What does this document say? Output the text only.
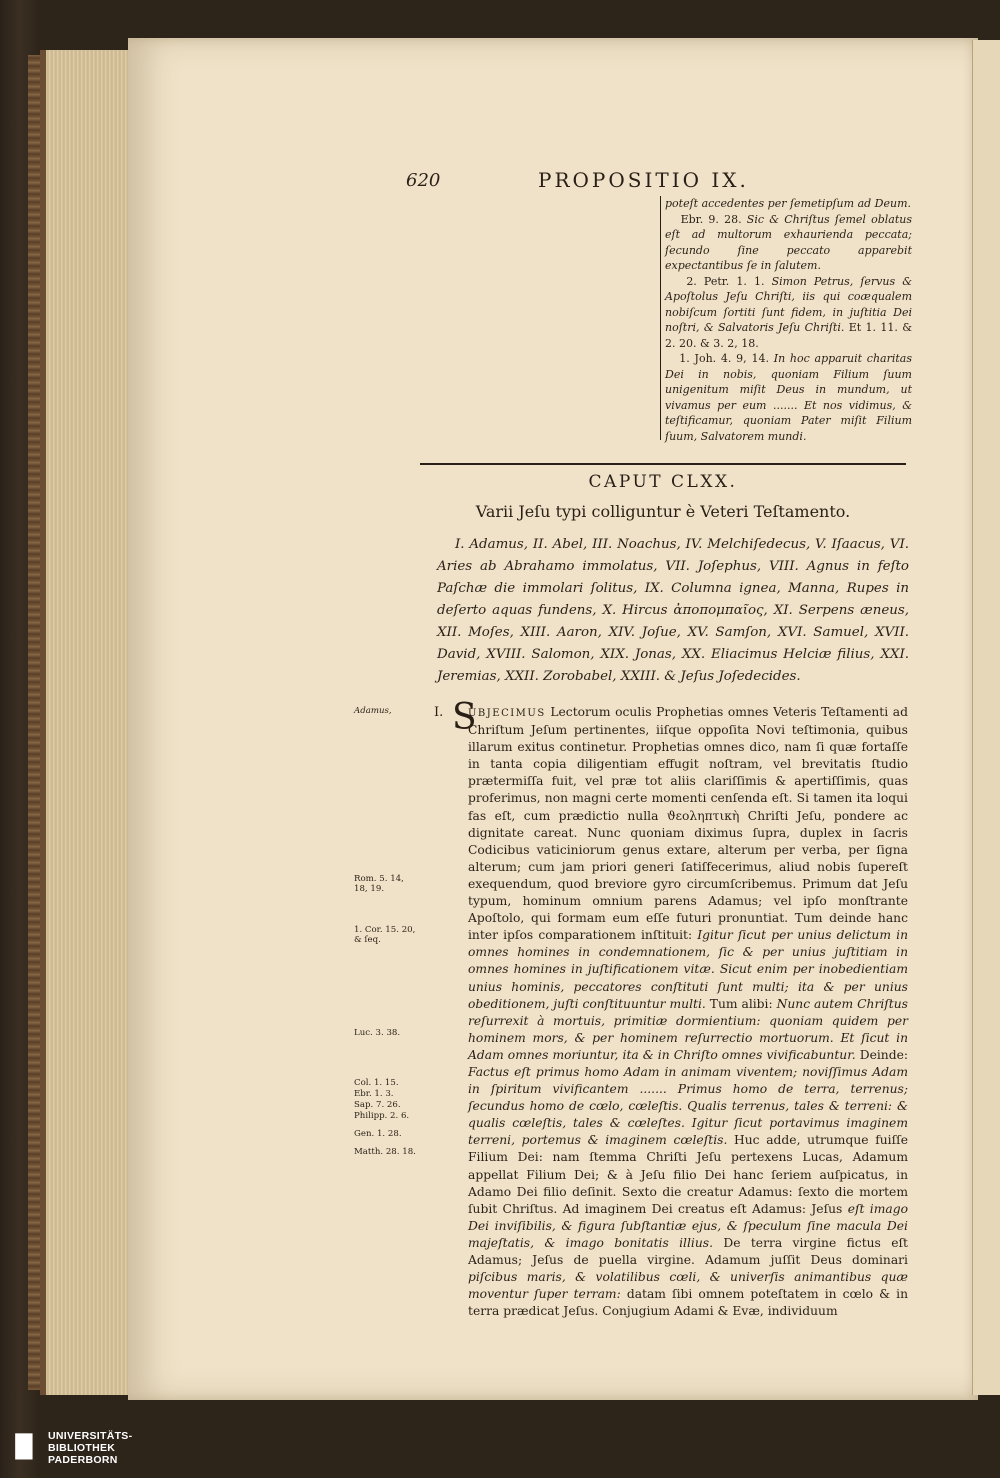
620	PROPOSITIO IX.

poteſt accedentes per ſemetipſum ad Deum.

Ebr. 9. 28. Sic & Chriſtus ſemel oblatus eſt ad multorum exhaurienda peccata; ſecundo ſine peccato apparebit expectantibus ſe in ſalutem.

2. Petr. 1. 1. Simon Petrus, ſervus & Apoſtolus Jeſu Chriſti, iis qui coæqualem nobiſcum ſortiti ſunt fidem, in juſtitia Dei noſtri, & Salvatoris Jeſu Chriſti. Et 1. 11. & 2. 20. & 3. 2, 18.

1. Joh. 4. 9, 14. In hoc apparuit charitas Dei in nobis, quoniam Filium ſuum unigenitum miſit Deus in mundum, ut vivamus per eum ....... Et nos vidimus, & teſtificamur, quoniam Pater miſit Filium ſuum, Salvatorem mundi.

CAPUT CLXX.
Varii Jeſu typi colliguntur è Veteri Teſtamento.

I. Adamus, II. Abel, III. Noachus, IV. Melchiſedecus, V. Iſaacus, VI. Aries ab Abrahamo immolatus, VII. Joſephus, VIII. Agnus in feſto Paſchæ die immolari ſolitus, IX. Columna ignea, Manna, Rupes in deſerto aquas fundens, X. Hircus ἀποπομπαῖος, XI. Serpens æneus, XII. Moſes, XIII. Aaron, XIV. Joſue, XV. Samſon, XVI. Samuel, XVII. David, XVIII. Salomon, XIX. Jonas, XX. Eliacimus Helciæ filius, XXI. Jeremias, XXII. Zorobabel, XXIII. & Jeſus Joſedecides.

Adamus,
Rom. 5. 14, 18, 19.
1. Cor. 15. 20, & ſeq.
Luc. 3. 38.
Col. 1. 15.
Ebr. 1. 3.
Sap. 7. 26.
Philipp. 2. 6.
Gen. 1. 28.
Matth. 28. 18.
I. S

UBJECIMUS Lectorum oculis Prophetias omnes Veteris Teſtamenti ad Chriſtum Jeſum pertinentes, iiſque oppoſita Novi teſtimonia, quibus illarum exitus continetur. Prophetias omnes dico, nam ſi quæ fortaſſe in tanta copia diligentiam effugit noſtram, vel brevitatis ſtudio prætermiſſa fuit, vel præ tot aliis clariſſimis & apertiſſimis, quas proferimus, non magni certe momenti cenſenda eſt. Si tamen ita loqui fas eſt, cum prædictio nulla ϑεοληπτικὴ Chriſti Jeſu, pondere ac dignitate careat. Nunc quoniam diximus ſupra, duplex in ſacris Codicibus vaticiniorum genus extare, alterum per verba, per ſigna alterum; cum jam priori generi ſatiſfecerimus, aliud nobis ſupereſt exequendum, quod breviore gyro circumſcribemus. Primum dat Jeſu typum, hominum omnium parens Adamus; vel ipſo monſtrante Apoſtolo, qui formam eum eſſe futuri pronuntiat. Tum deinde hanc inter ipſos comparationem inſtituit: Igitur ſicut per unius delictum in omnes homines in condemnationem, ſic & per unius juſtitiam in omnes homines in juſtificationem vitæ. Sicut enim per inobedientiam unius hominis, peccatores conſtituti ſunt multi; ita & per unius obeditionem, juſti conſtituuntur multi. Tum alibi: Nunc autem Chriſtus reſurrexit à mortuis, primitiæ dormientium: quoniam quidem per hominem mors, & per hominem reſurrectio mortuorum. Et ſicut in Adam omnes moriuntur, ita & in Chriſto omnes vivificabuntur. Deinde: Factus eſt primus homo Adam in animam viventem; noviſſimus Adam in ſpiritum vivificantem ....... Primus homo de terra, terrenus; ſecundus homo de cœlo, cœleſtis. Qualis terrenus, tales & terreni: & qualis cœleſtis, tales & cœleſtes. Igitur ſicut portavimus imaginem terreni, portemus & imaginem cœleſtis. Huc adde, utrumque fuiſſe Filium Dei: nam ſtemma Chriſti Jeſu pertexens Lucas, Adamum appellat Filium Dei; & à Jeſu filio Dei hanc ſeriem auſpicatus, in Adamo Dei filio deſinit. Sexto die creatur Adamus: ſexto die mortem ſubit Chriſtus. Ad imaginem Dei creatus eſt Adamus: Jeſus eſt imago Dei inviſibilis, & figura ſubſtantiæ ejus, & ſpeculum ſine macula Dei majeſtatis, & imago bonitatis illius. De terra virgine fictus eſt Adamus; Jeſus de puella virgine. Adamum juſſit Deus dominari piſcibus maris, & volatilibus cœli, & univerſis animantibus quæ moventur ſuper terram: datam ſibi omnem poteſtatem in cœlo & in terra prædicat Jeſus. Conjugium Adami & Evæ, individuum

█	UNIVERSITÄTS-
BIBLIOTHEK
PADERBORN
